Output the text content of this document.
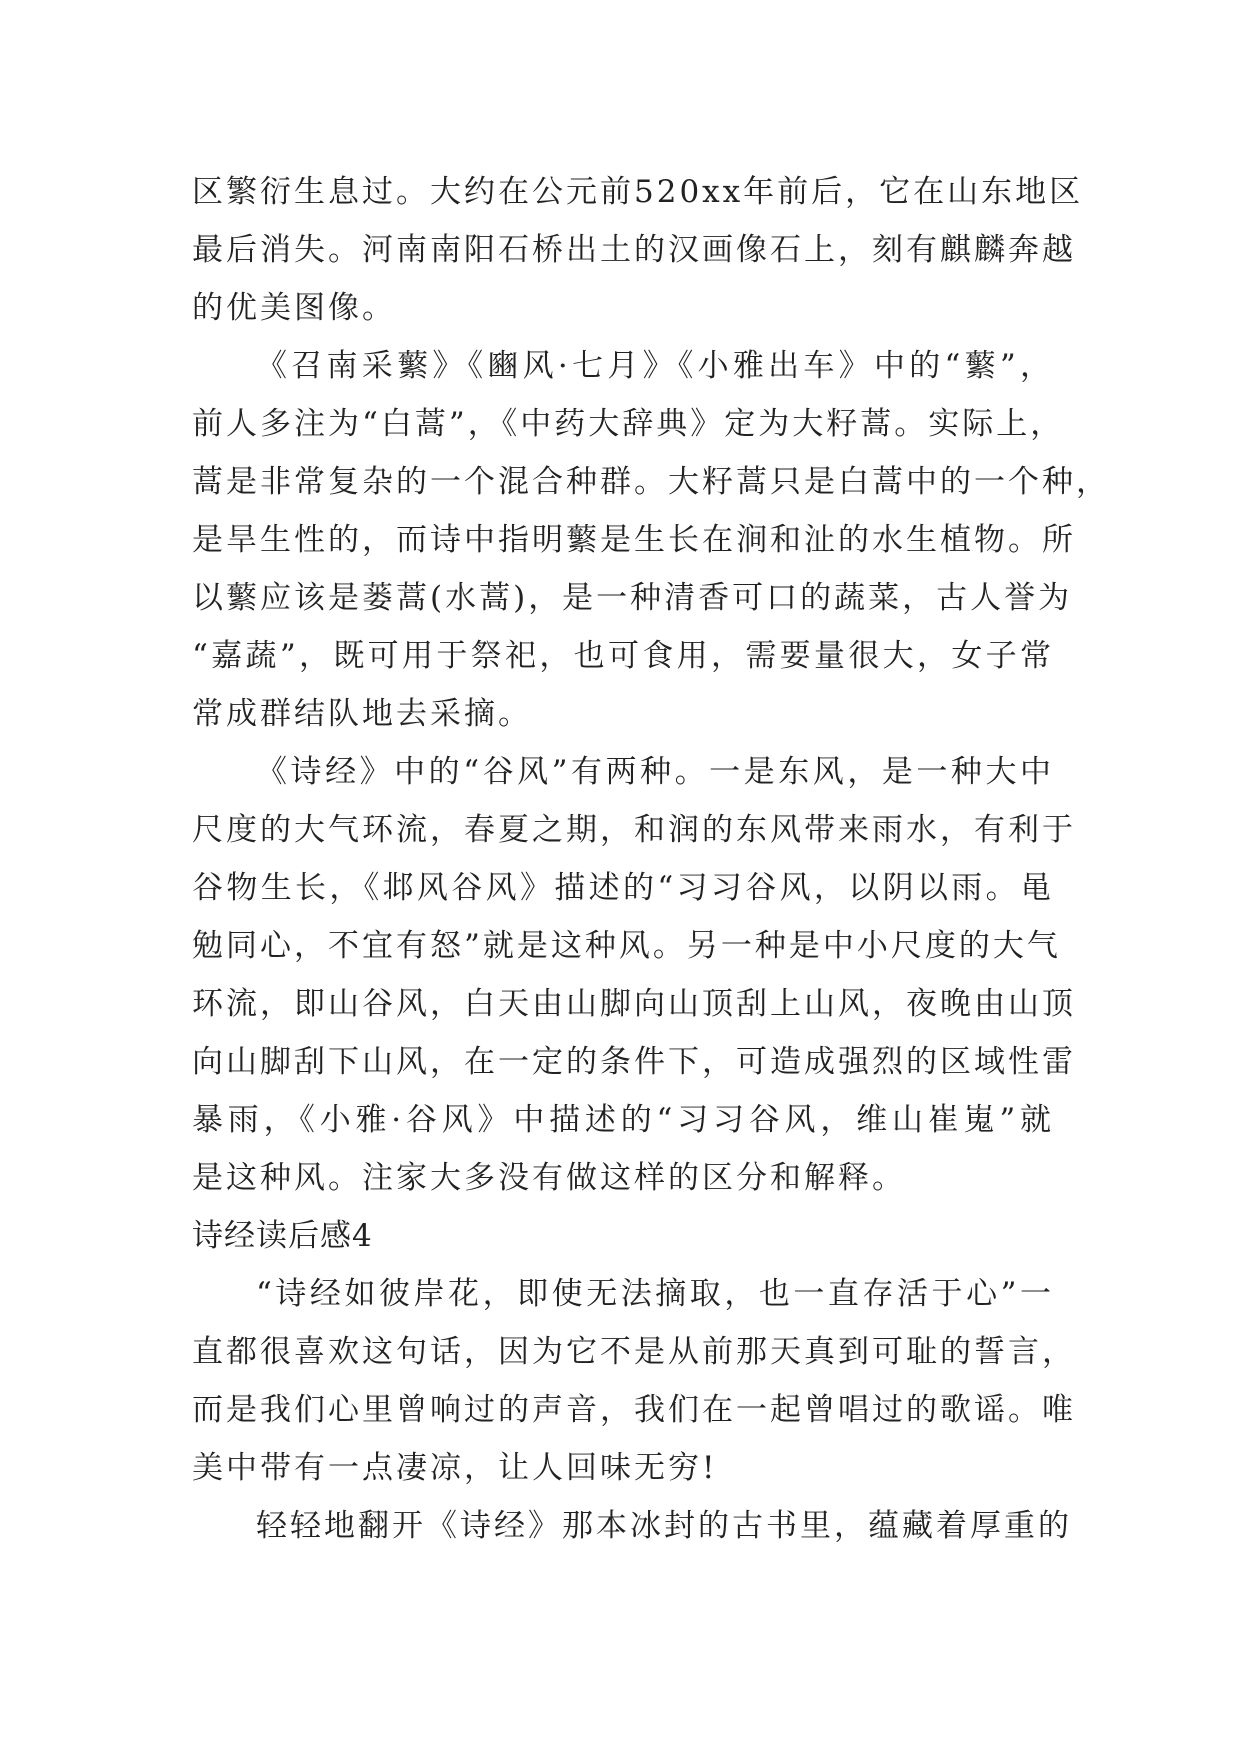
区繁衍生息过。大约在公元前520xx年前后，它在山东地区
最后消失。河南南阳石桥出土的汉画像石上，刻有麒麟奔越
的优美图像。
《召南采蘩》《豳风·七月》《小雅出车》中的“蘩”，
前人多注为“白蒿”，《中药大辞典》定为大籽蒿。实际上，
蒿是非常复杂的一个混合种群。大籽蒿只是白蒿中的一个种，
是旱生性的，而诗中指明蘩是生长在涧和沚的水生植物。所
以蘩应该是蒌蒿(水蒿)，是一种清香可口的蔬菜，古人誉为
“嘉蔬”，既可用于祭祀，也可食用，需要量很大，女子常
常成群结队地去采摘。
《诗经》中的“谷风”有两种。一是东风，是一种大中
尺度的大气环流，春夏之期，和润的东风带来雨水，有利于
谷物生长，《邶风谷风》描述的“习习谷风，以阴以雨。黾
勉同心，不宜有怒”就是这种风。另一种是中小尺度的大气
环流，即山谷风，白天由山脚向山顶刮上山风，夜晚由山顶
向山脚刮下山风，在一定的条件下，可造成强烈的区域性雷
暴雨，《小雅·谷风》中描述的“习习谷风，维山崔嵬”就
是这种风。注家大多没有做这样的区分和解释。
诗经读后感4
“诗经如彼岸花，即使无法摘取，也一直存活于心”一
直都很喜欢这句话，因为它不是从前那天真到可耻的誓言，
而是我们心里曾响过的声音，我们在一起曾唱过的歌谣。唯
美中带有一点凄凉，让人回味无穷!
轻轻地翻开《诗经》那本冰封的古书里，蕴藏着厚重的
